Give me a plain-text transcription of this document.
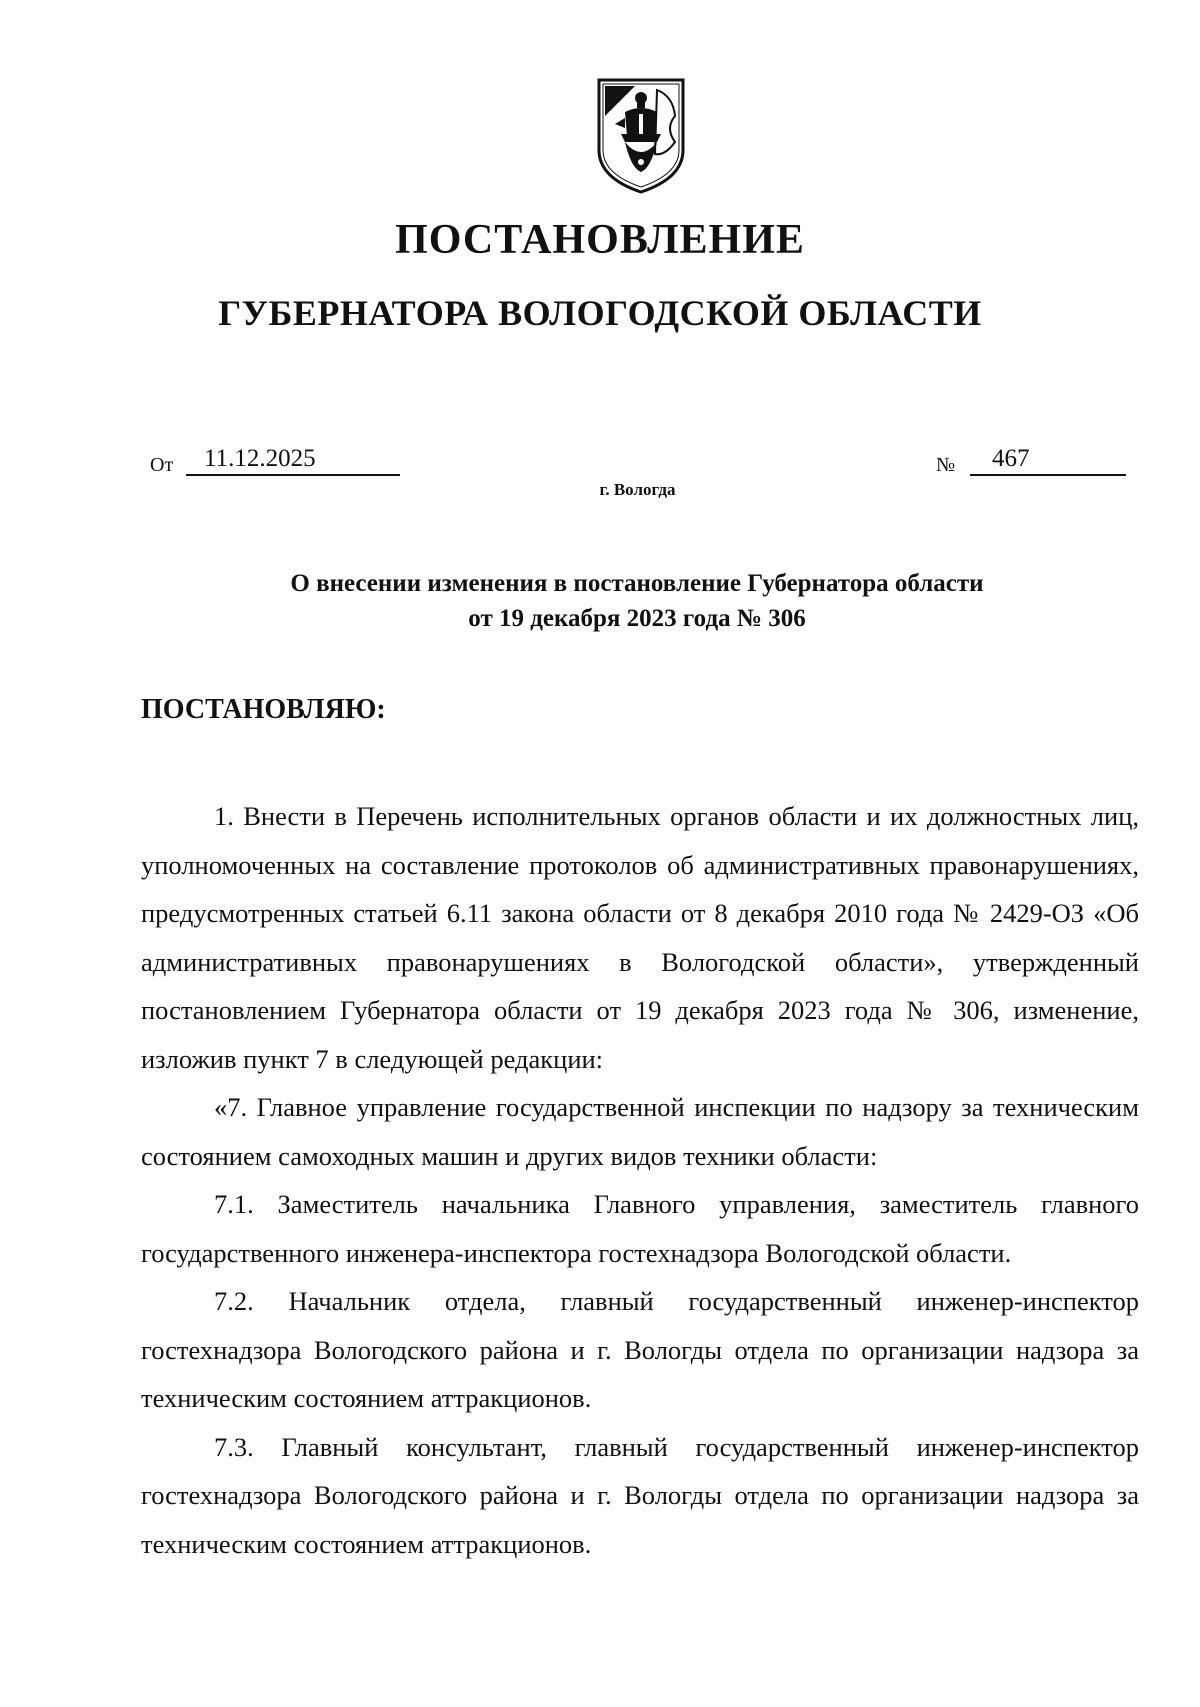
ПОСТАНОВЛЕНИЕ
ГУБЕРНАТОРА ВОЛОГОДСКОЙ ОБЛАСТИ
От	11.12.2025	№	467
г. Вологда
О внесении изменения в постановление Губернатора области
от 19 декабря 2023 года № 306
ПОСТАНОВЛЯЮ:

1. Внести в Перечень исполнительных органов области и их должностных лиц, уполномоченных на составление протоколов об административных правонарушениях, предусмотренных статьей 6.11 закона области от 8 декабря 2010 года № 2429-ОЗ «Об административных правонарушениях в Вологодской области», утвержденный постановлением Губернатора области от 19 декабря 2023 года № 306, изменение, изложив пункт 7 в следующей редакции:

«7. Главное управление государственной инспекции по надзору за техническим состоянием самоходных машин и других видов техники области:

7.1. Заместитель начальника Главного управления, заместитель главного государственного инженера-инспектора гостехнадзора Вологодской области.

7.2. Начальник отдела, главный государственный инженер-инспектор гостехнадзора Вологодского района и г. Вологды отдела по организации надзора за техническим состоянием аттракционов.

7.3. Главный консультант, главный государственный инженер-инспектор гостехнадзора Вологодского района и г. Вологды отдела по организации надзора за техническим состоянием аттракционов.
